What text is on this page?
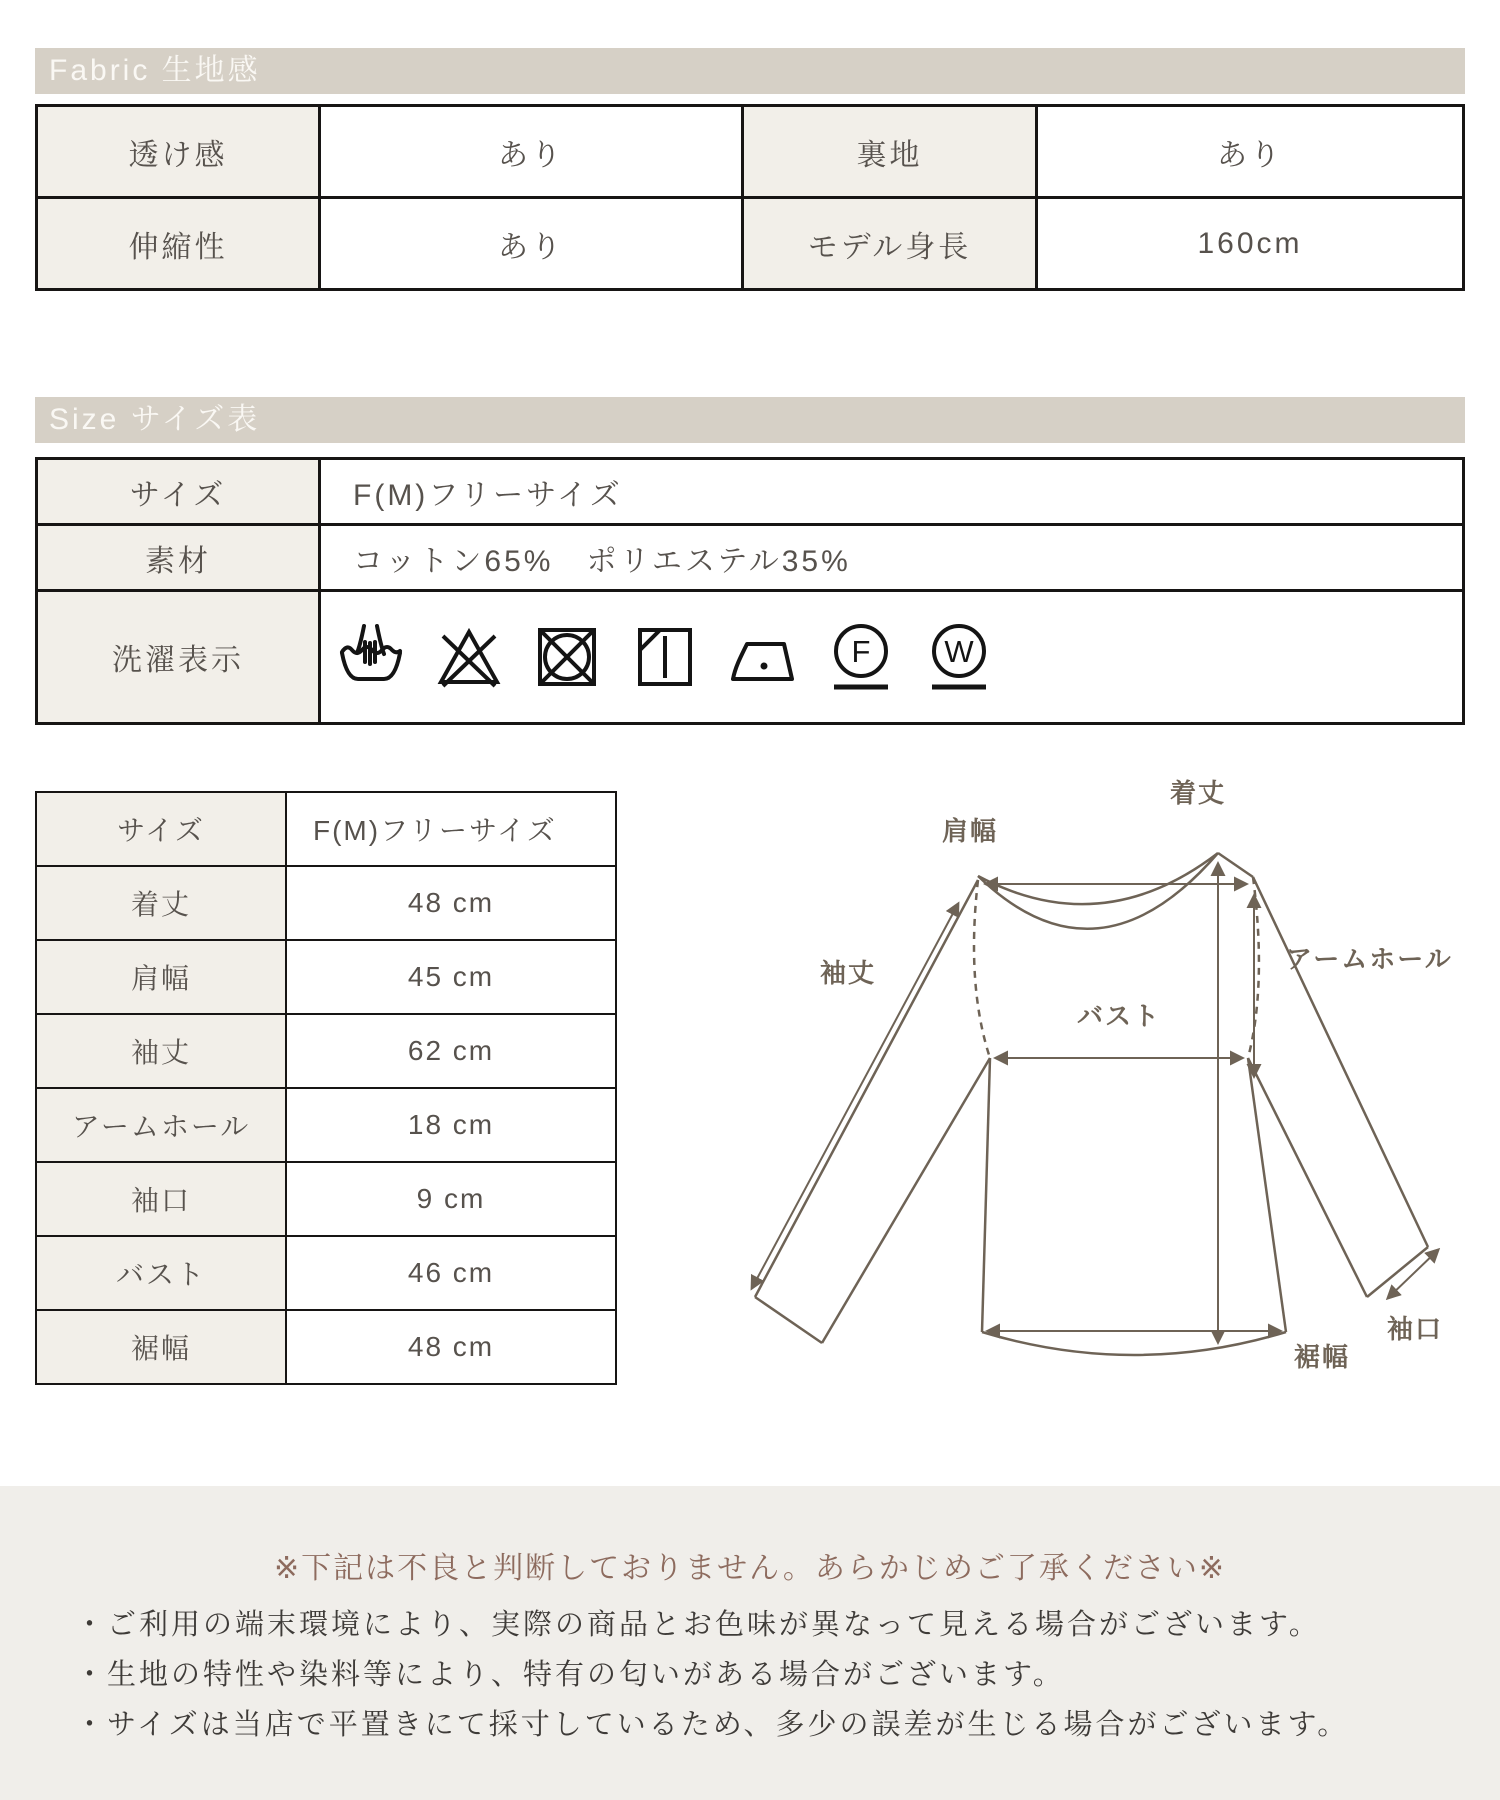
Fabric 生地感
透け感	あり	裏地	あり
伸縮性	あり	モデル身長	160cm
Size サイズ表
サイズ	F(M)フリーサイズ
素材	コットン65%　ポリエステル35%
洗濯表示	F W
サイズ	F(M)フリーサイズ
着丈	48 cm
肩幅	45 cm
袖丈	62 cm
アームホール	18 cm
袖口	9 cm
バスト	46 cm
裾幅	48 cm
肩幅
着丈
袖丈	アームホール
バスト
袖口
裾幅
※下記は不良と判断しておりません。あらかじめご了承ください※
・ご利用の端末環境により、実際の商品とお色味が異なって見える場合がございます。
・生地の特性や染料等により、特有の匂いがある場合がございます。
・サイズは当店で平置きにて採寸しているため、多少の誤差が生じる場合がございます。
